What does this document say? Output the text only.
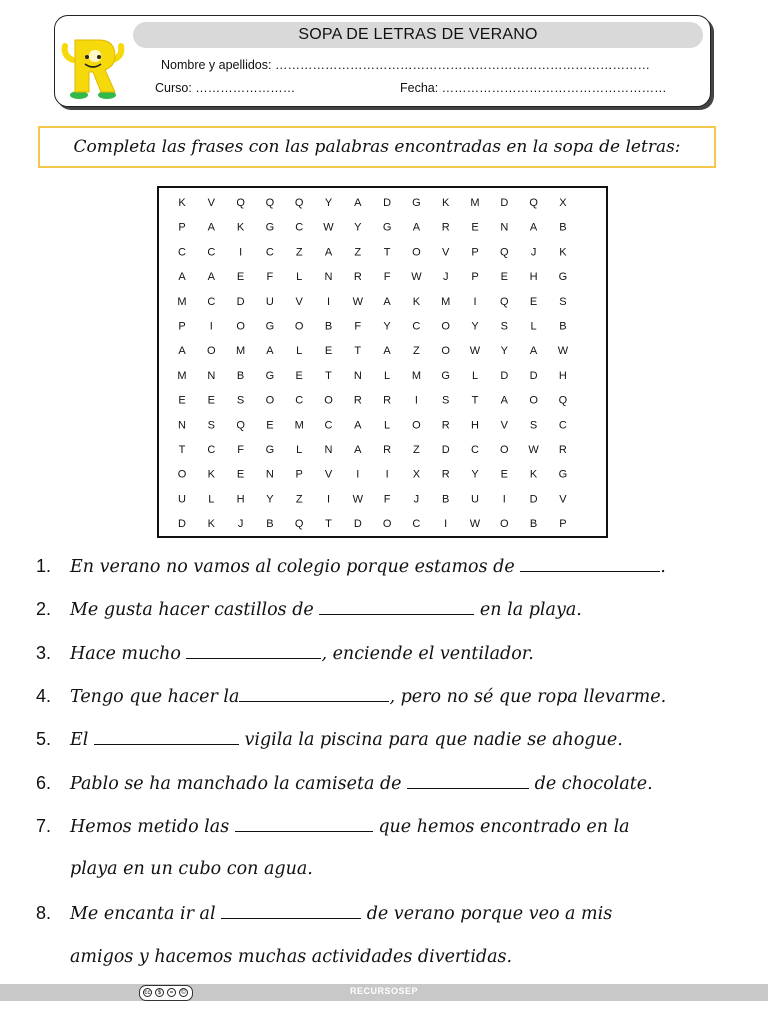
SOPA DE LETRAS DE VERANO
Nombre y apellidos: ………………………………………………………………………………
Curso: ……………………	Fecha: ………………………………………………
Completa las frases con las palabras encontradas en la sopa de letras:
K V Q Q Q Y A D G K M D Q X
P A K G C W Y G A R E N A B
C C I C Z A Z T O V P Q J K
A A E F L N R F W J P E H G
M C D U V I W A K M I Q E S
P I O G O B F Y C O Y S L B
A O M A L E T A Z O W Y A W
M N B G E T N L M G L D D H
E E S O C O R R I S T A O Q
N S Q E M C A L O R H V S C
T C F G L N A R Z D C O W R
O K E N P V I I X R Y E K G
U L H Y Z I W F J B U I D V
D K J B Q T D O C I W O B P
1. En verano no vamos al colegio porque estamos de	.
2. Me gusta hacer castillos de	en la playa.
3. Hace mucho	, enciende el ventilador.
4. Tengo que hacer la	, pero no sé que ropa llevarme.
5. El	vigila la piscina para que nadie se ahogue.
6. Pablo se ha manchado la camiseta de	de chocolate.
7. Hemos metido las	que hemos encontrado en la
playa en un cubo con agua.
8. Me encanta ir al	de verano porque veo a mis
amigos y hacemos muchas actividades divertidas.
cc	$	=	©	RECURSOSEP
